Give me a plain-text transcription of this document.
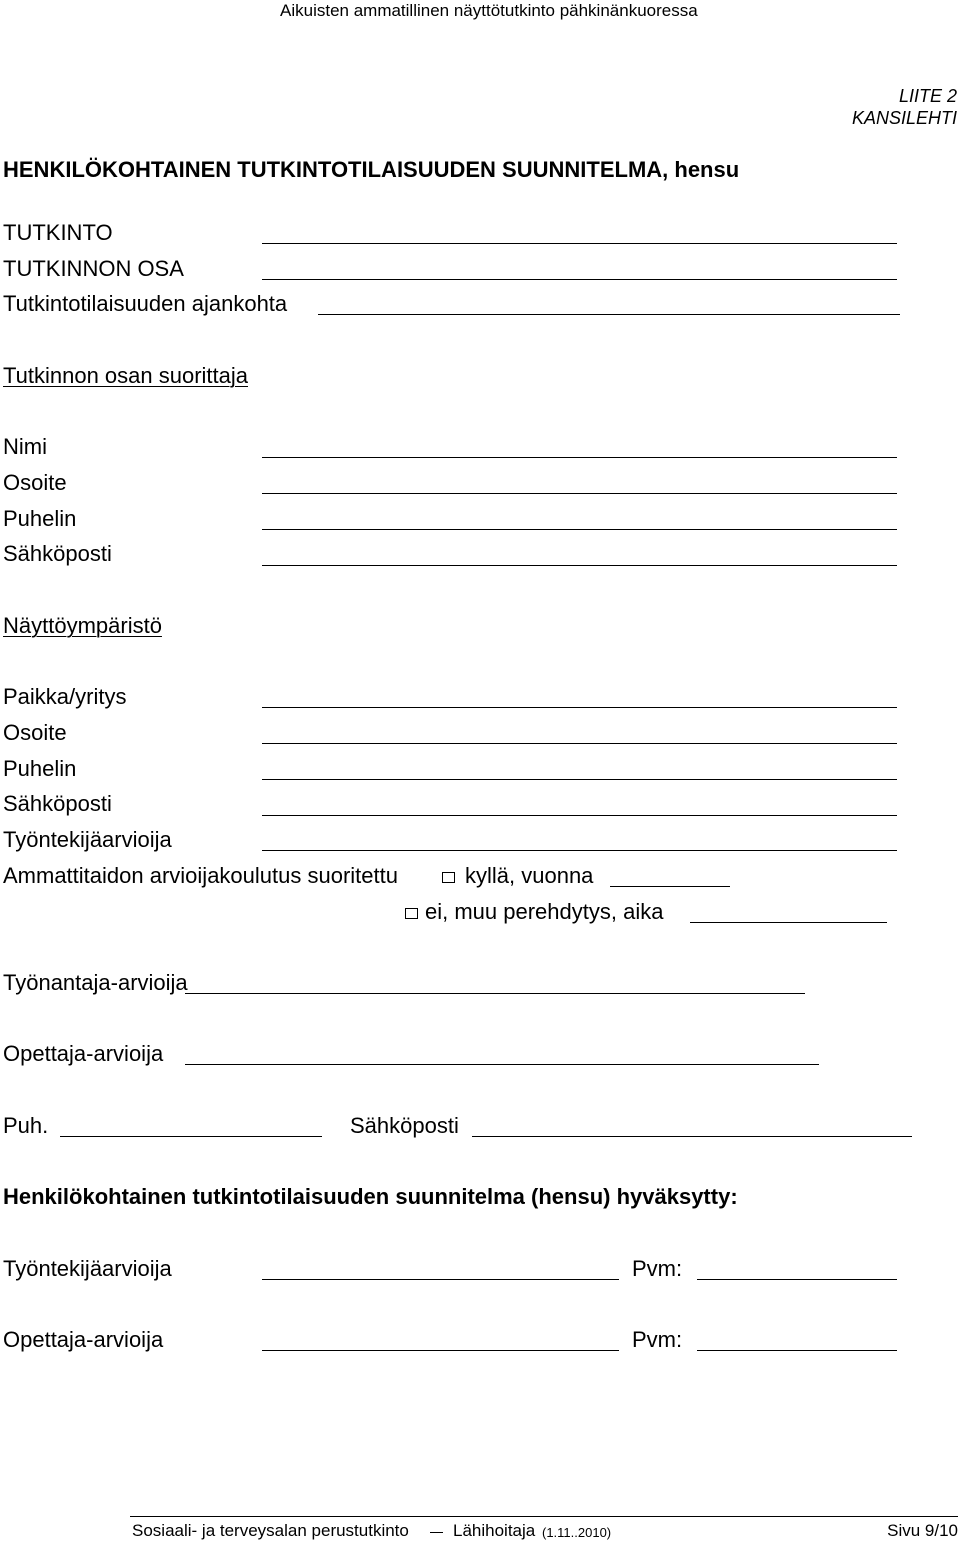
Aikuisten ammatillinen näyttötutkinto pähkinänkuoressa
LIITE 2
KANSILEHTI
HENKILÖKOHTAINEN TUTKINTOTILAISUUDEN SUUNNITELMA, hensu
TUTKINTO
TUTKINNON OSA
Tutkintotilaisuuden ajankohta
Tutkinnon osan suorittaja
Nimi
Osoite
Puhelin
Sähköposti
Näyttöympäristö
Paikka/yritys
Osoite
Puhelin
Sähköposti
Työntekijäarvioija
Ammattitaidon arvioijakoulutus suoritettu	kyllä, vuonna
ei, muu perehdytys, aika
Työnantaja-arvioija
Opettaja-arvioija
Puh.	Sähköposti
Henkilökohtainen tutkintotilaisuuden suunnitelma (hensu) hyväksytty:
Työntekijäarvioija	Pvm:
Opettaja-arvioija	Pvm:
Sosiaali- ja terveysalan perustutkinto	Lähihoitaja (1.11..2010)	Sivu 9/10
